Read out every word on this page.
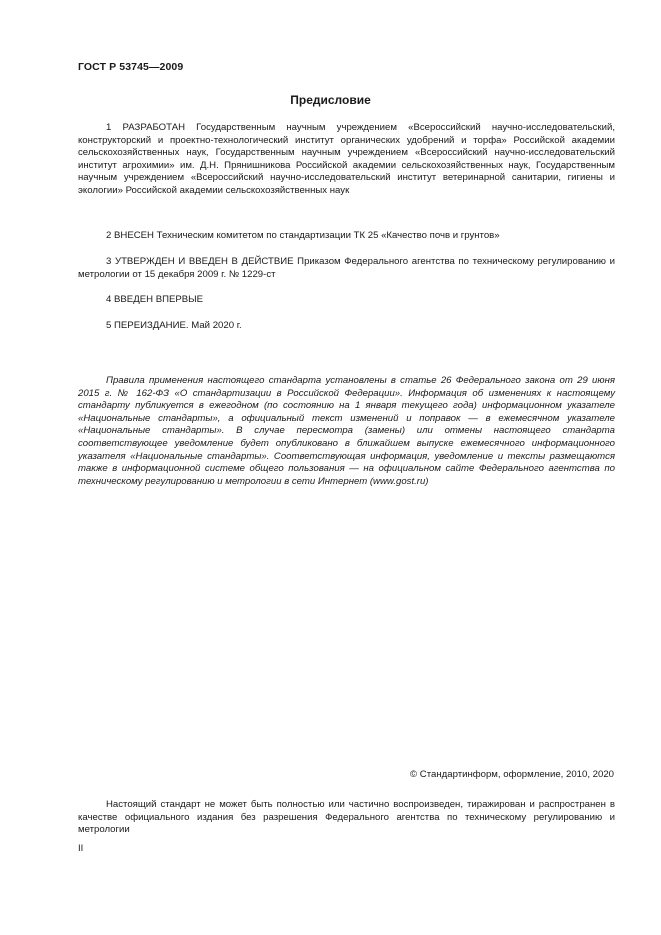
ГОСТ Р 53745—2009
Предисловие

1 РАЗРАБОТАН Государственным научным учреждением «Всероссийский научно-исследовательский, конструкторский и проектно-технологический институт органических удобрений и торфа» Российской академии сельскохозяйственных наук, Государственным научным учреждением «Всероссийский научно-исследовательский институт агрохимии» им. Д.Н. Прянишникова Российской академии сельскохозяйственных наук, Государственным научным учреждением «Всероссийский научно-исследовательский институт ветеринарной санитарии, гигиены и экологии» Российской академии сельскохозяйственных наук

2 ВНЕСЕН Техническим комитетом по стандартизации ТК 25 «Качество почв и грунтов»

3 УТВЕРЖДЕН И ВВЕДЕН В ДЕЙСТВИЕ Приказом Федерального агентства по техническому регулированию и метрологии от 15 декабря 2009 г. № 1229-ст

4 ВВЕДЕН ВПЕРВЫЕ

5 ПЕРЕИЗДАНИЕ. Май 2020 г.

Правила применения настоящего стандарта установлены в статье 26 Федерального закона от 29 июня 2015 г. № 162-ФЗ «О стандартизации в Российской Федерации». Информация об изменениях к настоящему стандарту публикуется в ежегодном (по состоянию на 1 января текущего года) информационном указателе «Национальные стандарты», а официальный текст изменений и поправок — в ежемесячном указателе «Национальные стандарты». В случае пересмотра (замены) или отмены настоящего стандарта соответствующее уведомление будет опубликовано в ближайшем выпуске ежемесячного информационного указателя «Национальные стандарты». Соответствующая информация, уведомление и тексты размещаются также в информационной системе общего пользования — на официальном сайте Федерального агентства по техническому регулированию и метрологии в сети Интернет (www.gost.ru)

© Стандартинформ, оформление, 2010, 2020

Настоящий стандарт не может быть полностью или частично воспроизведен, тиражирован и распространен в качестве официального издания без разрешения Федерального агентства по техническому регулированию и метрологии

II
